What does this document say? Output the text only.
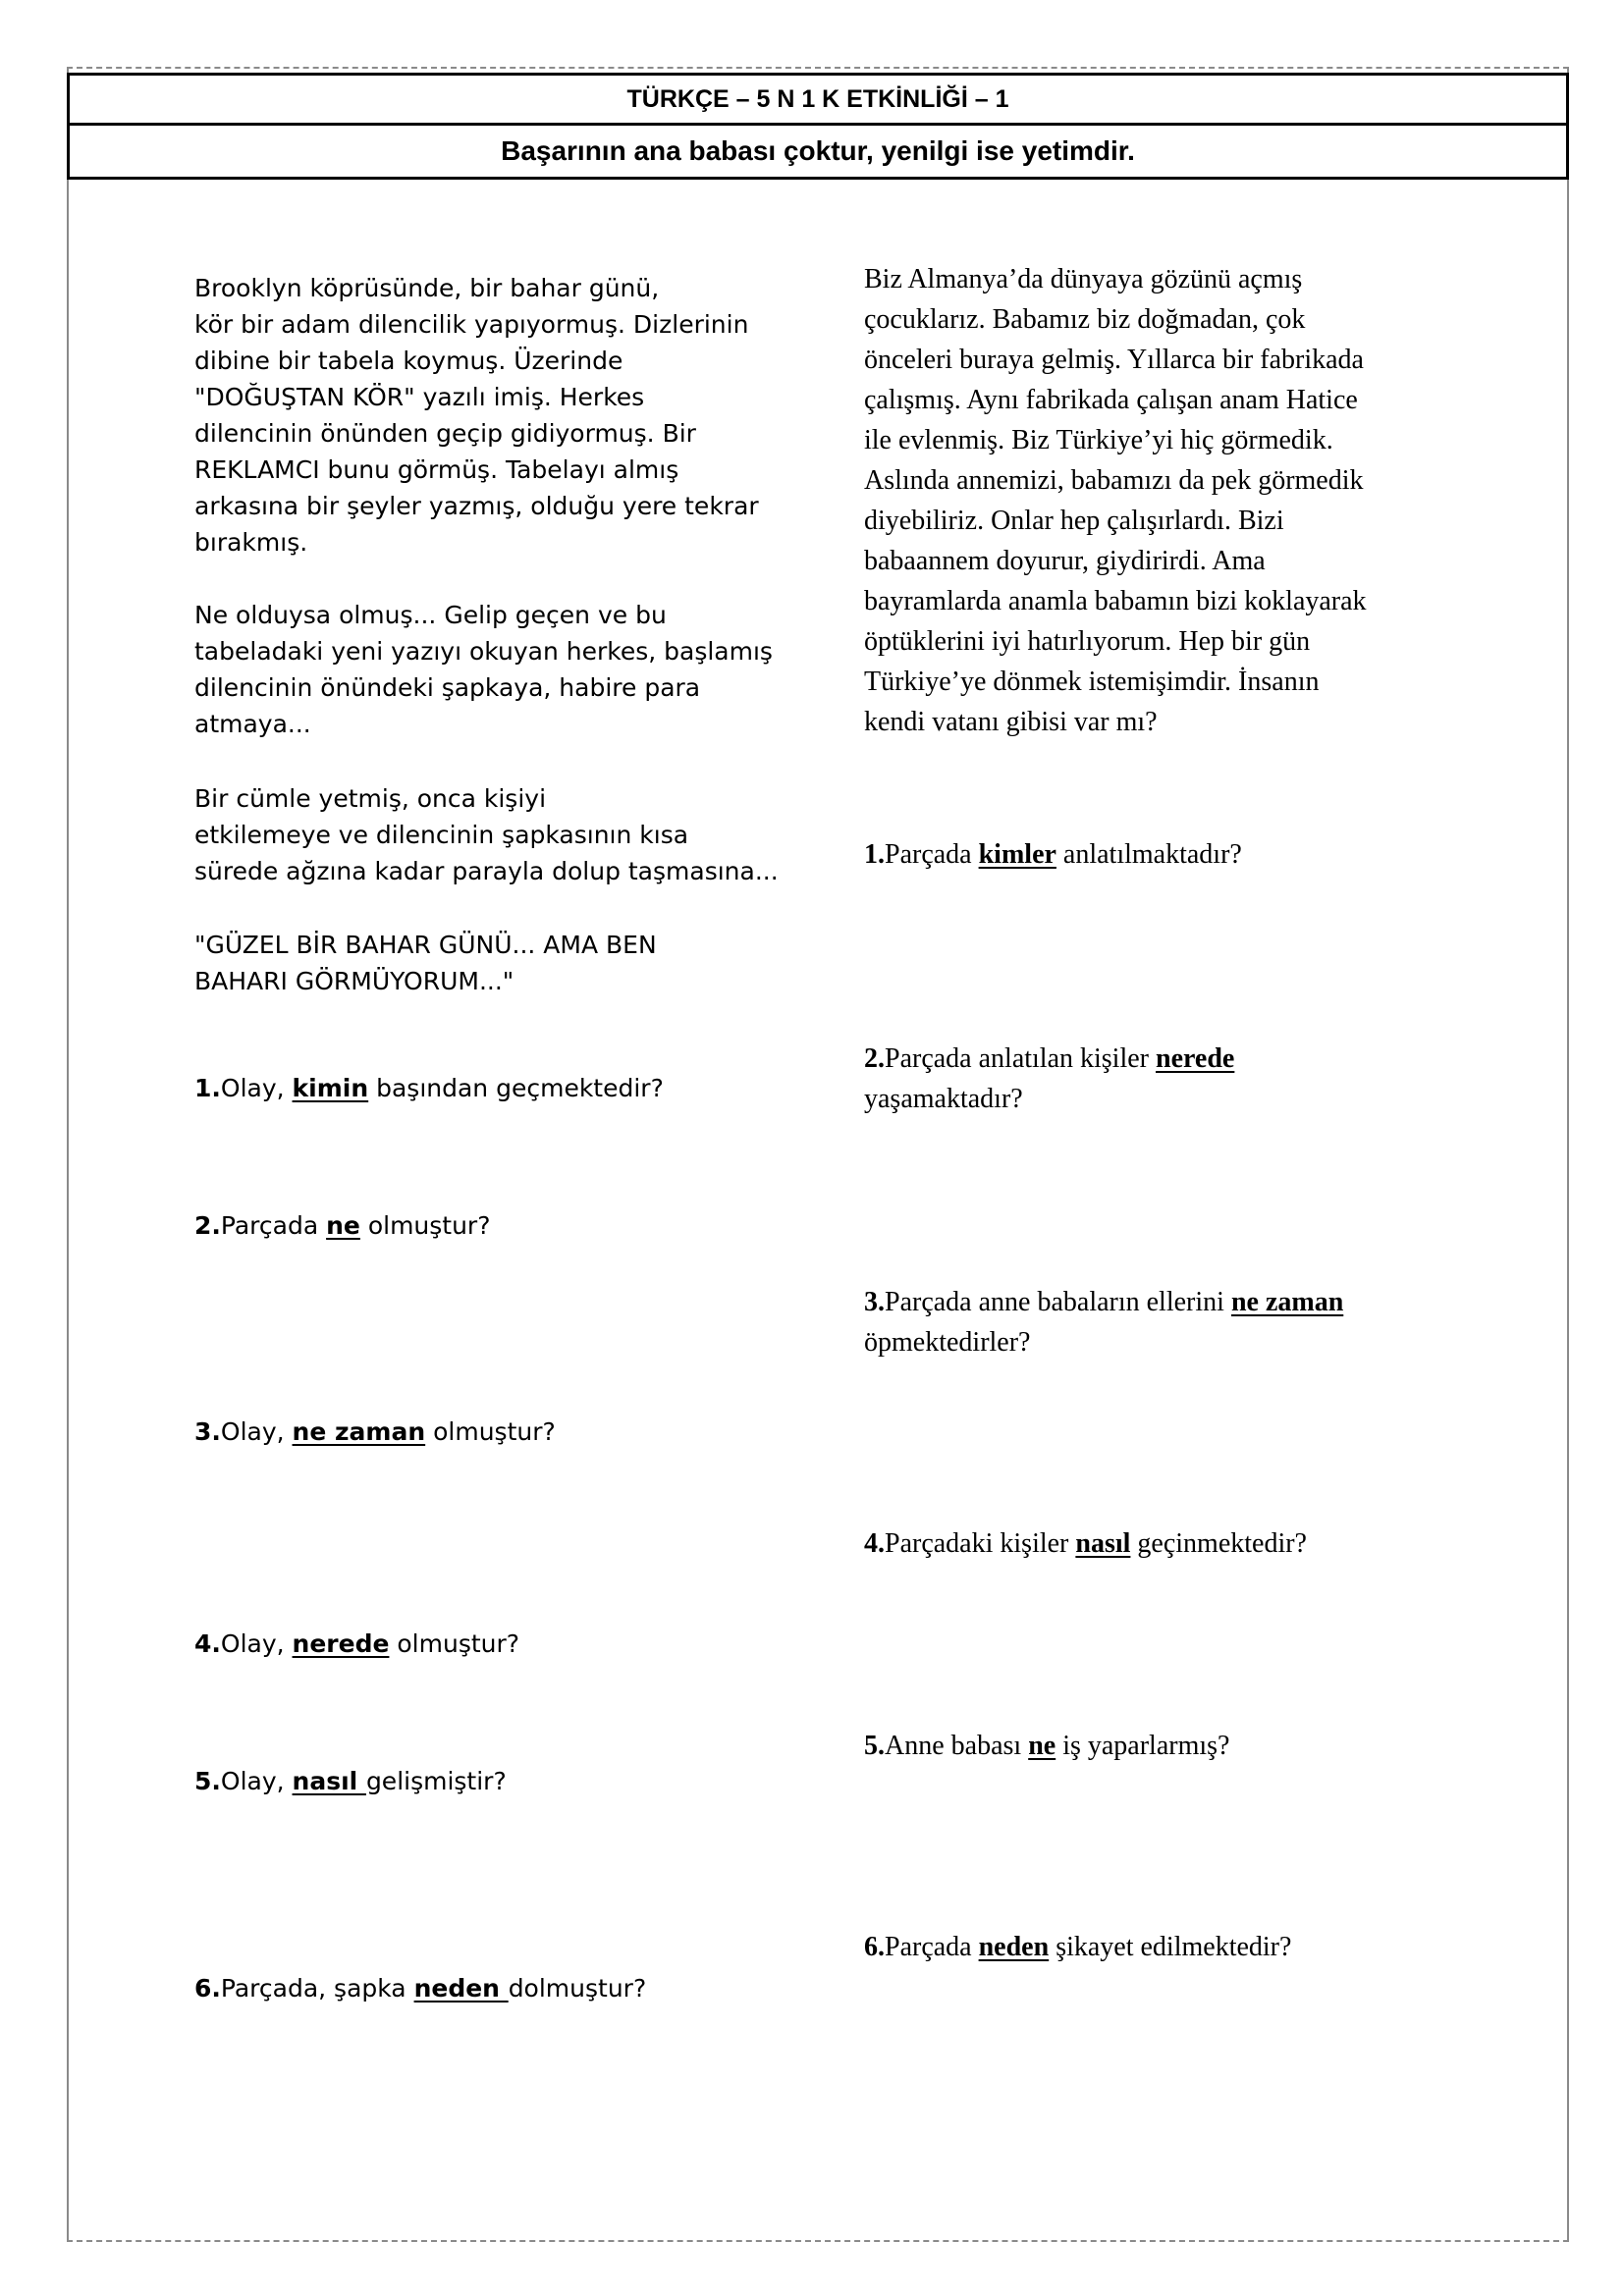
TÜRKÇE – 5 N 1 K ETKİNLİĞİ – 1
Başarının ana babası çoktur, yenilgi ise yetimdir.

Brooklyn köprüsünde, bir bahar günü,
kör bir adam dilencilik yapıyormuş. Dizlerinin
dibine bir tabela koymuş. Üzerinde
"DOĞUŞTAN KÖR" yazılı imiş. Herkes
dilencinin önünden geçip gidiyormuş. Bir
REKLAMCI bunu görmüş. Tabelayı almış
arkasına bir şeyler yazmış, olduğu yere tekrar
bırakmış.

Ne olduysa olmuş... Gelip geçen ve bu
tabeladaki yeni yazıyı okuyan herkes, başlamış
dilencinin önündeki şapkaya, habire para
atmaya...

Bir cümle yetmiş, onca kişiyi
etkilemeye ve dilencinin şapkasının kısa
sürede ağzına kadar parayla dolup taşmasına...

"GÜZEL BİR BAHAR GÜNÜ... AMA BEN
BAHARI GÖRMÜYORUM..."

1.Olay, kimin başından geçmektedir?

2.Parçada ne olmuştur?

3.Olay, ne zaman olmuştur?

4.Olay, nerede olmuştur?

5.Olay, nasıl gelişmiştir?

6.Parçada, şapka neden dolmuştur?

Biz Almanya’da dünyaya gözünü açmış
çocuklarız. Babamız biz doğmadan, çok
önceleri buraya gelmiş. Yıllarca bir fabrikada
çalışmış. Aynı fabrikada çalışan anam Hatice
ile evlenmiş. Biz Türkiye’yi hiç görmedik.
Aslında annemizi, babamızı da pek görmedik
diyebiliriz. Onlar hep çalışırlardı. Bizi
babaannem doyurur, giydirirdi. Ama
bayramlarda anamla babamın bizi koklayarak
öptüklerini iyi hatırlıyorum. Hep bir gün
Türkiye’ye dönmek istemişimdir. İnsanın
kendi vatanı gibisi var mı?

1.Parçada kimler anlatılmaktadır?

2.Parçada anlatılan kişiler nerede
yaşamaktadır?

3.Parçada anne babaların ellerini ne zaman
öpmektedirler?

4.Parçadaki kişiler nasıl geçinmektedir?

5.Anne babası ne iş yaparlarmış?

6.Parçada neden şikayet edilmektedir?
